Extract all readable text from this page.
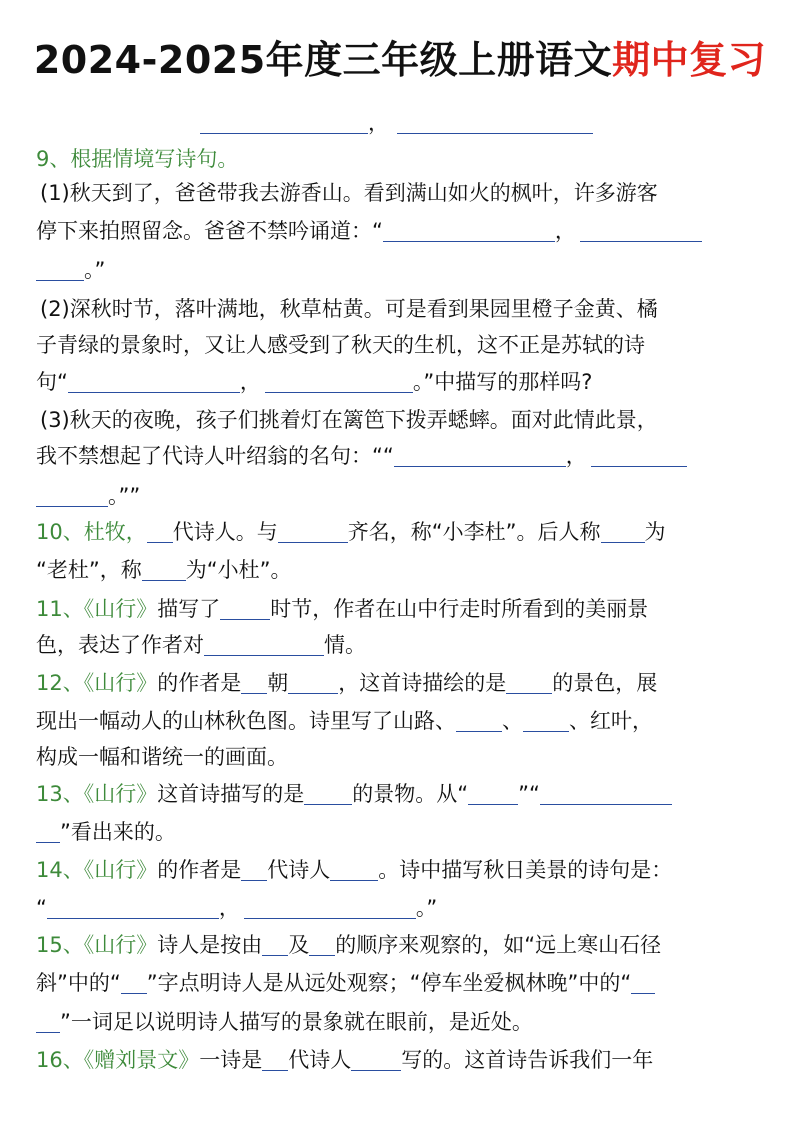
2024-2025年度三年级上册语文期中复习
，
9、根据情境写诗句。
(1)秋天到了，爸爸带我去游香山。看到满山如火的枫叶，许多游客
停下来拍照留念。爸爸不禁吟诵道：“	，
。”
(2)深秋时节，落叶满地，秋草枯黄。可是看到果园里橙子金黄、橘
子青绿的景象时，又让人感受到了秋天的生机，这不正是苏轼的诗
句“	，	。”中描写的那样吗?
(3)秋天的夜晚，孩子们挑着灯在篱笆下拨弄蟋蟀。面对此情此景，
我不禁想起了代诗人叶绍翁的名句：““	，
。””
10、杜牧， 代诗人。与	齐名，称“小李杜”。后人称 为
“老杜”，称 为“小杜”。
11、《山行》描写了 时节，作者在山中行走时所看到的美丽景
色，表达了作者对	情。
12、《山行》的作者是 朝 ，这首诗描绘的是 的景色，展
现出一幅动人的山林秋色图。诗里写了山路、 、 、红叶，
构成一幅和谐统一的画面。
13、《山行》这首诗描写的是 的景物。从“ ”“
”看出来的。
14、《山行》的作者是 代诗人 。诗中描写秋日美景的诗句是：
“	，	。”
15、《山行》诗人是按由 及 的顺序来观察的，如“远上寒山石径
斜”中的“ ”字点明诗人是从远处观察；“停车坐爱枫林晚”中的“
”一词足以说明诗人描写的景象就在眼前，是近处。
16、《赠刘景文》一诗是 代诗人 写的。这首诗告诉我们一年
